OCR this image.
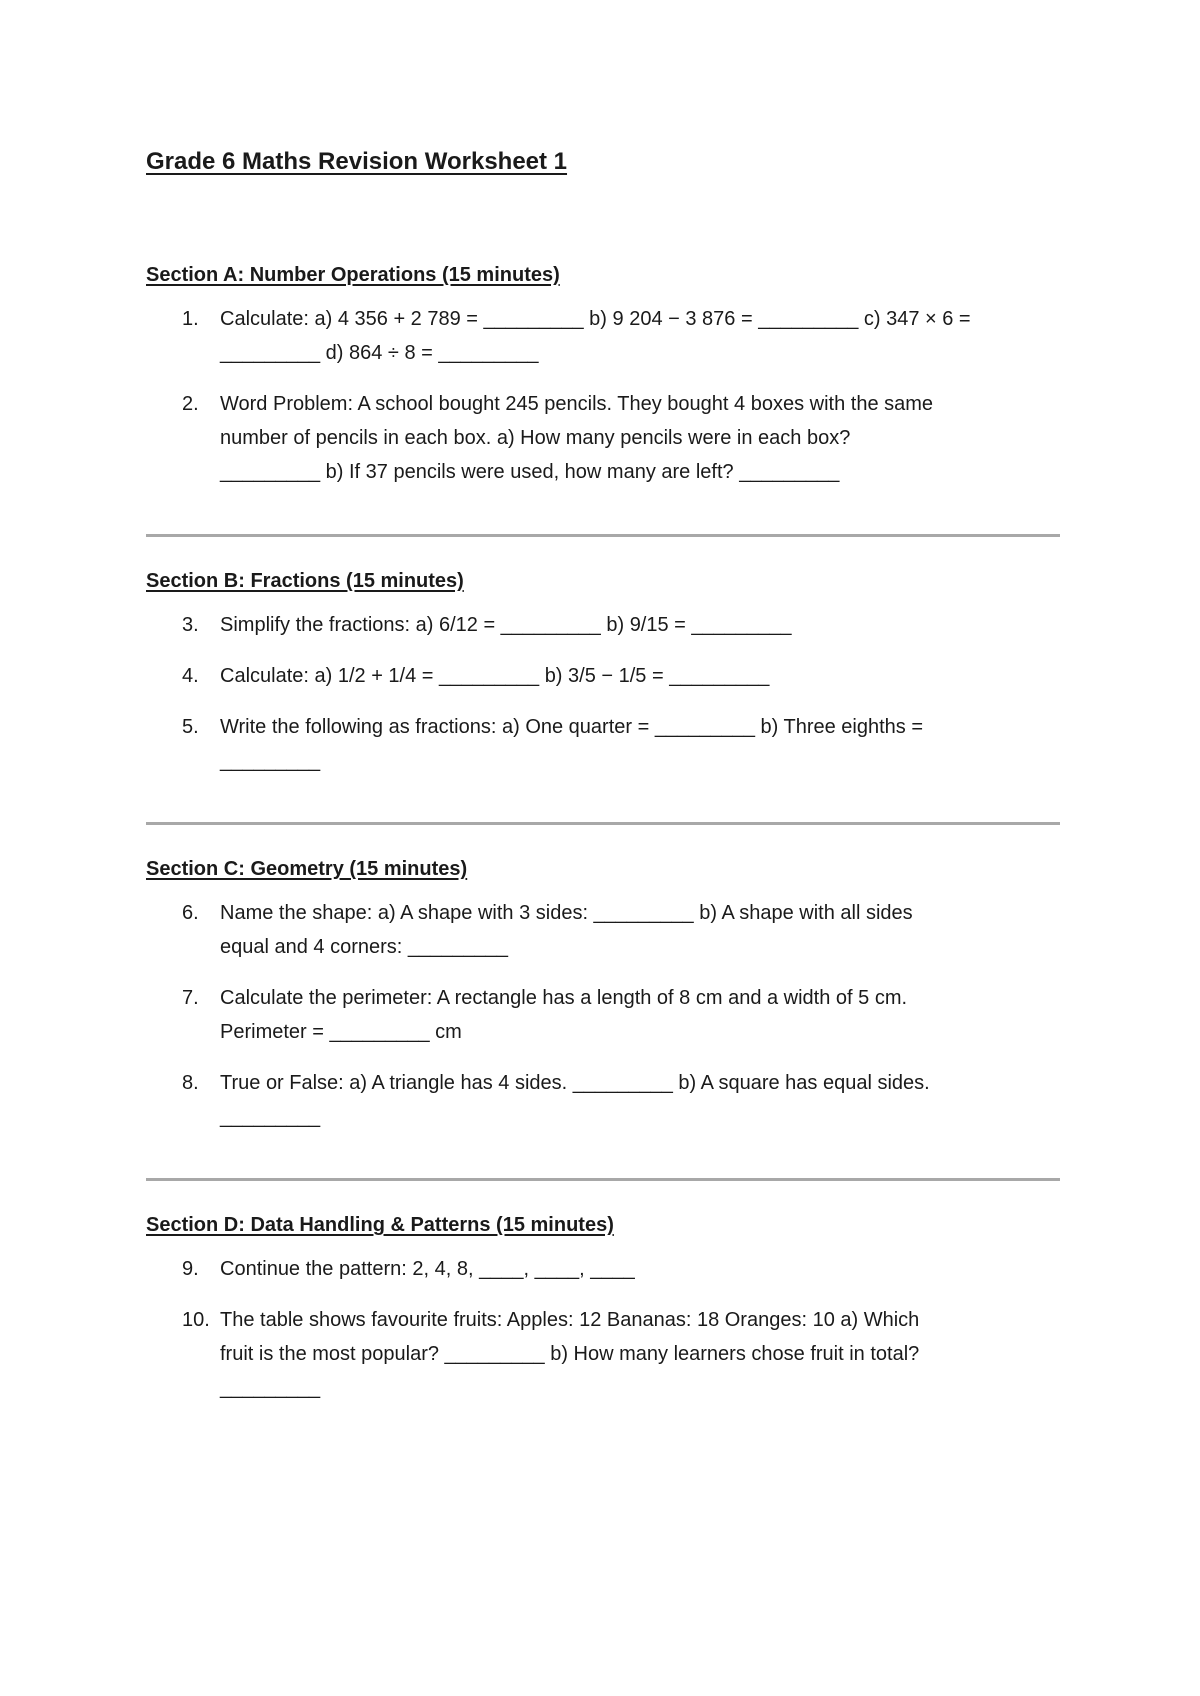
Grade 6 Maths Revision Worksheet 1
Section A: Number Operations (15 minutes)
1.	Calculate: a) 4 356 + 2 789 = _________ b) 9 204 − 3 876 = _________ c) 347 × 6 =
_________ d) 864 ÷ 8 = _________
2.	Word Problem: A school bought 245 pencils. They bought 4 boxes with the same
number of pencils in each box. a) How many pencils were in each box?
_________ b) If 37 pencils were used, how many are left? _________
Section B: Fractions (15 minutes)
3.	Simplify the fractions: a) 6/12 = _________ b) 9/15 = _________
4.	Calculate: a) 1/2 + 1/4 = _________ b) 3/5 − 1/5 = _________
5.	Write the following as fractions: a) One quarter = _________ b) Three eighths =
_________
Section C: Geometry (15 minutes)
6.	Name the shape: a) A shape with 3 sides: _________ b) A shape with all sides
equal and 4 corners: _________
7.	Calculate the perimeter: A rectangle has a length of 8 cm and a width of 5 cm.
Perimeter = _________ cm
8.	True or False: a) A triangle has 4 sides. _________ b) A square has equal sides.
_________
Section D: Data Handling & Patterns (15 minutes)
9.	Continue the pattern: 2, 4, 8, ____, ____, ____
10. The table shows favourite fruits: Apples: 12 Bananas: 18 Oranges: 10 a) Which
fruit is the most popular? _________ b) How many learners chose fruit in total?
_________
